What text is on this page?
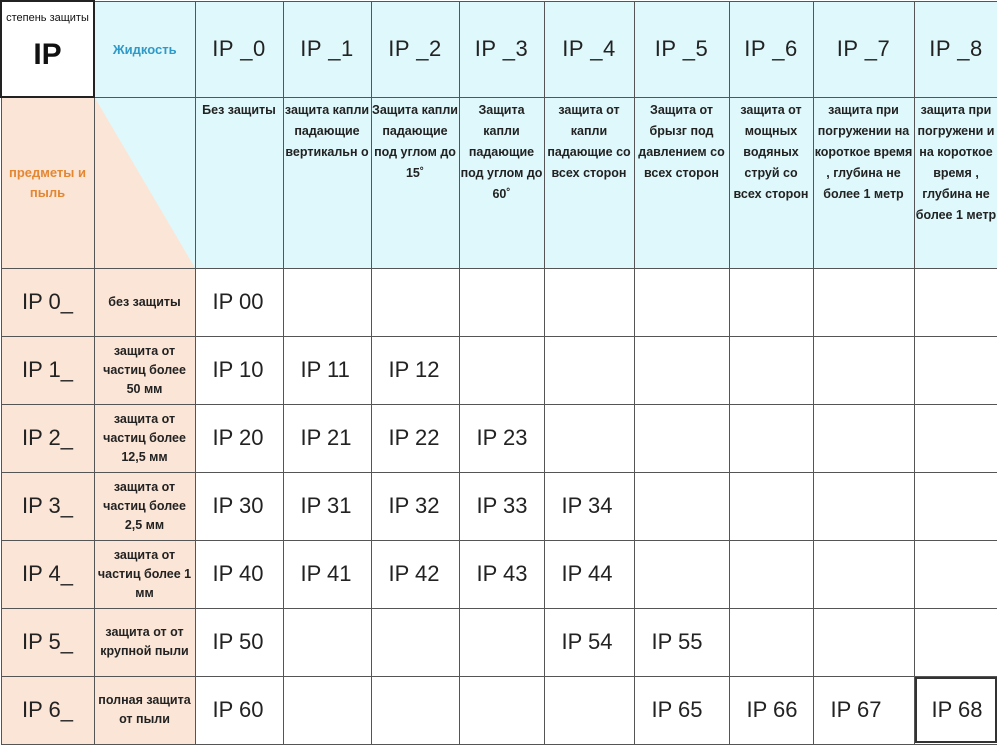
степень защиты
IP	Жидкость	IP _0	IP _1	IP _2	IP _3	IP _4	IP _5	IP _6	IP _7	IP _8
предметы и пыль		Без защиты	защита капли падающие вертикальн о	Защита капли падающие под углом до 15˚	Защита капли падающие под углом до 60˚	защита от капли падающие со всех сторон	Защита от брызг под давлением со всех сторон	защита от мощных водяных струй со всех сторон	защита при погружении на короткое время , глубина не более 1 метр	защита при погружени и на короткое время , глубина не более 1 метр
IP 0_	без защиты	IP 00								
IP 1_	защита от частиц более 50 мм	IP 10	IP 11	IP 12						
IP 2_	защита от частиц более 12,5 мм	IP 20	IP 21	IP 22	IP 23					
IP 3_	защита от частиц более 2,5 мм	IP 30	IP 31	IP 32	IP 33	IP 34				
IP 4_	защита от частиц более 1 мм	IP 40	IP 41	IP 42	IP 43	IP 44				
IP 5_	защита от от крупной пыли	IP 50				IP 54	IP 55			
IP 6_	полная защита от пыли	IP 60					IP 65	IP 66	IP 67	IP 68
